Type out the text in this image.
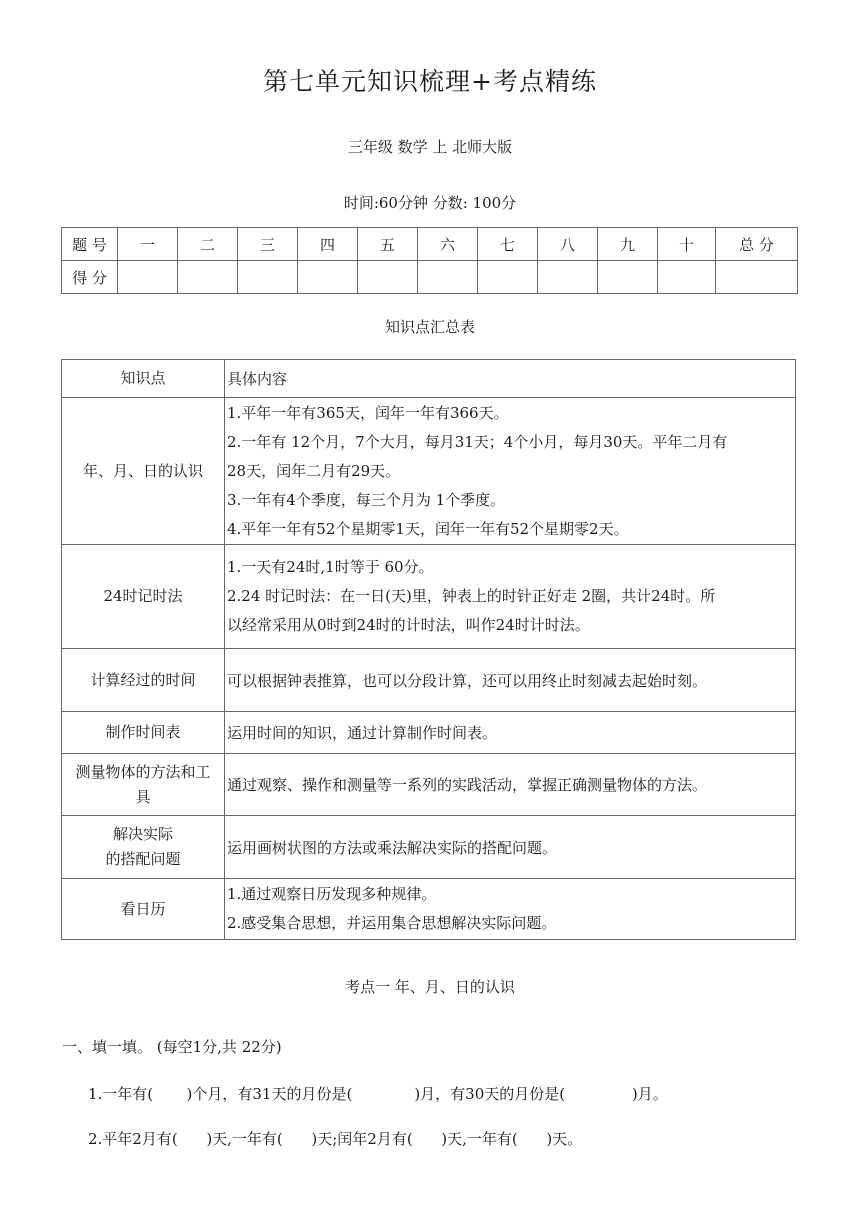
第七单元知识梳理+考点精练
三年级 数学 上 北师大版
时间:60分钟 分数: 100分
题 号	一	二	三	四	五	六	七	八	九	十	总 分
得 分											
知识点汇总表
知识点	具体内容
年、月、日的认识	1.平年一年有365天，闰年一年有366天。
2.一年有 12个月，7个大月，每月31天；4个小月，每月30天。平年二月有
28天，闰年二月有29天。
3.一年有4个季度，每三个月为 1个季度。
4.平年一年有52个星期零1天，闰年一年有52个星期零2天。

24时记时法	1.一天有24时,1时等于 60分。
2.24 时记时法：在一日(天)里，钟表上的时针正好走 2圈，共计24时。所
以经常采用从0时到24时的计时法，叫作24时计时法。

计算经过的时间	可以根据钟表推算，也可以分段计算，还可以用终止时刻减去起始时刻。
制作时间表	运用时间的知识，通过计算制作时间表。

测量物体的方法和工
具	通过观察、操作和测量等一系列的实践活动，掌握正确测量物体的方法。

解决实际
的搭配问题	运用画树状图的方法或乘法解决实际的搭配问题。
看日历	1.通过观察日历发现多种规律。
2.感受集合思想，并运用集合思想解决实际问题。
考点一 年、月、日的认识
一、填一填。 (每空1分,共 22分)
1.一年有(       )个月，有31天的月份是(             )月，有30天的月份是(              )月。
2.平年2月有(      )天,一年有(      )天;闰年2月有(      )天,一年有(      )天。
